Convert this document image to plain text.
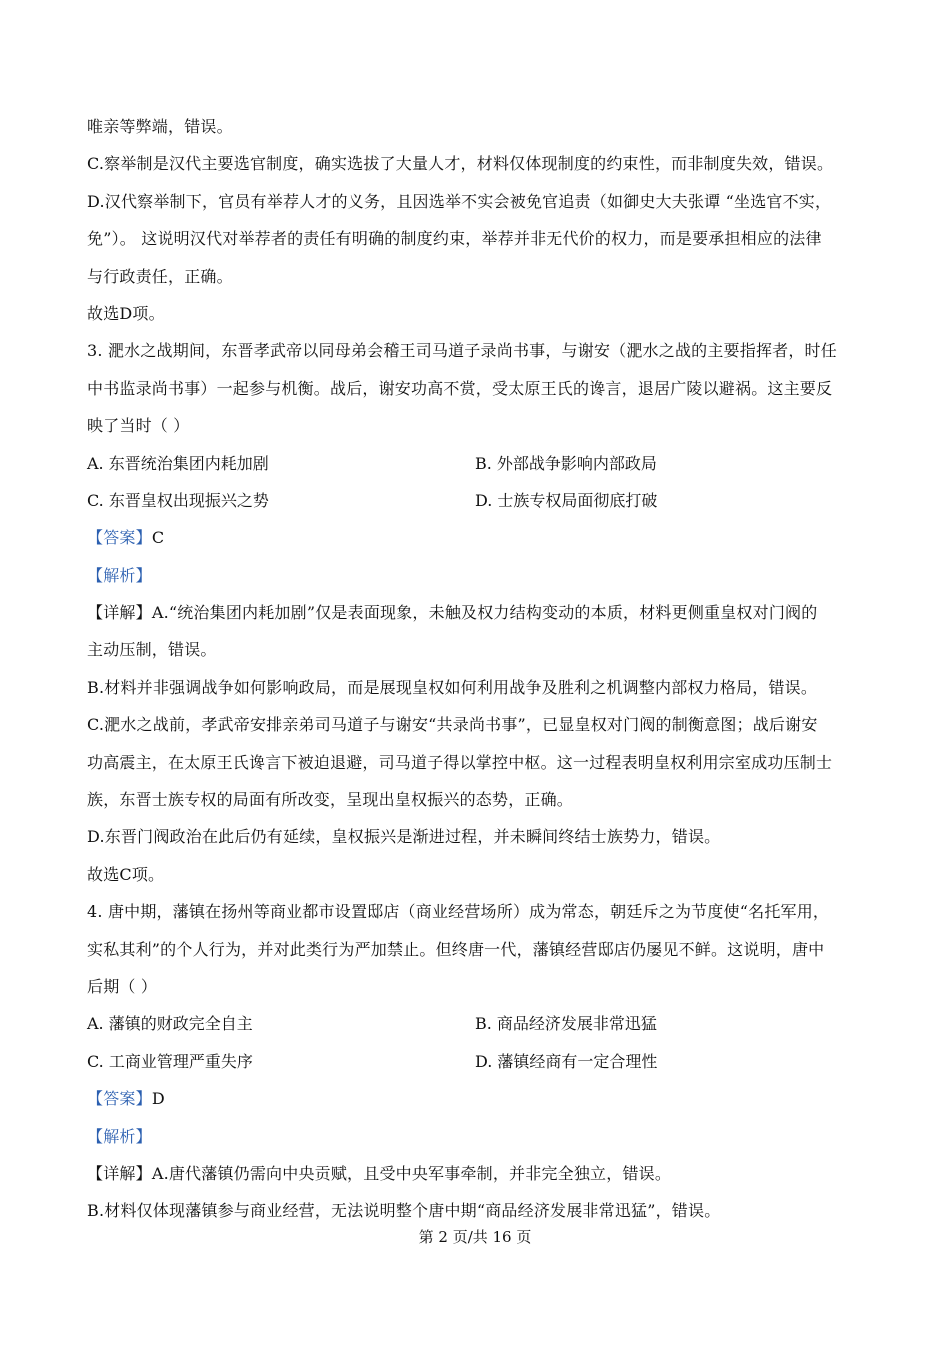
唯亲等弊端，错误。
C.察举制是汉代主要选官制度，确实选拔了大量人才，材料仅体现制度的约束性，而非制度失效，错误。
D.汉代察举制下，官员有举荐人才的义务，且因选举不实会被免官追责（如御史大夫张谭 “坐选官不实，
免”）。 这说明汉代对举荐者的责任有明确的制度约束，举荐并非无代价的权力，而是要承担相应的法律
与行政责任，正确。
故选D项。
3. 淝水之战期间，东晋孝武帝以同母弟会稽王司马道子录尚书事，与谢安（淝水之战的主要指挥者，时任
中书监录尚书事）一起参与机衡。战后，谢安功高不赏，受太原王氏的谗言，退居广陵以避祸。这主要反
映了当时（ ）
A. 东晋统治集团内耗加剧	B. 外部战争影响内部政局
C. 东晋皇权出现振兴之势	D. 士族专权局面彻底打破
【答案】C
【解析】
【详解】A.“统治集团内耗加剧”仅是表面现象，未触及权力结构变动的本质，材料更侧重皇权对门阀的
主动压制，错误。
B.材料并非强调战争如何影响政局，而是展现皇权如何利用战争及胜利之机调整内部权力格局，错误。
C.淝水之战前，孝武帝安排亲弟司马道子与谢安“共录尚书事”，已显皇权对门阀的制衡意图；战后谢安
功高震主，在太原王氏谗言下被迫退避，司马道子得以掌控中枢。这一过程表明皇权利用宗室成功压制士
族，东晋士族专权的局面有所改变，呈现出皇权振兴的态势，正确。
D.东晋门阀政治在此后仍有延续，皇权振兴是渐进过程，并未瞬间终结士族势力，错误。
故选C项。
4. 唐中期，藩镇在扬州等商业都市设置邸店（商业经营场所）成为常态，朝廷斥之为节度使“名托军用，
实私其利”的个人行为，并对此类行为严加禁止。但终唐一代，藩镇经营邸店仍屡见不鲜。这说明，唐中
后期（ ）
A. 藩镇的财政完全自主	B. 商品经济发展非常迅猛
C. 工商业管理严重失序	D. 藩镇经商有一定合理性
【答案】D
【解析】
【详解】A.唐代藩镇仍需向中央贡赋，且受中央军事牵制，并非完全独立，错误。
B.材料仅体现藩镇参与商业经营，无法说明整个唐中期“商品经济发展非常迅猛”，错误。
第 2 页/共 16 页
